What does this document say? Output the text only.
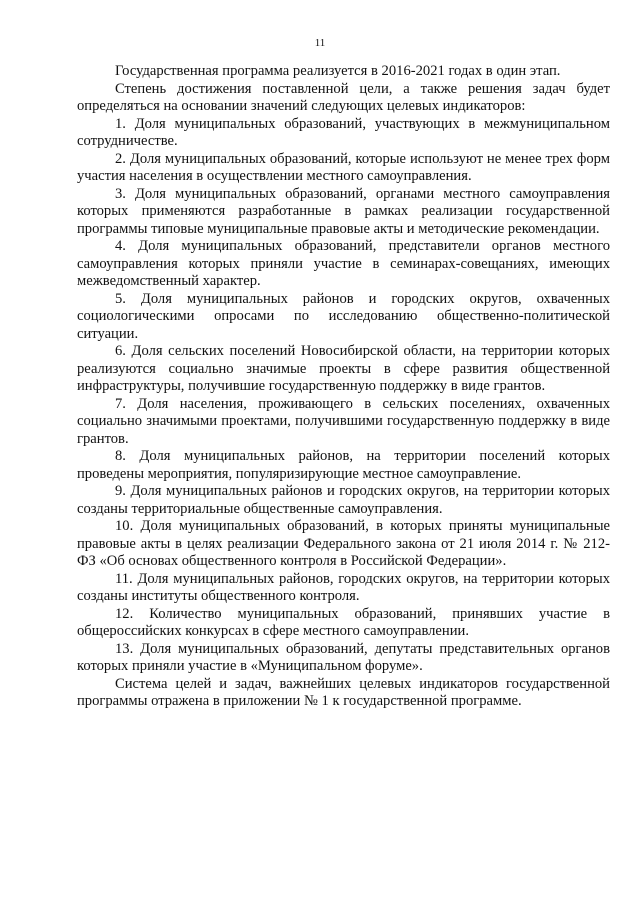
11

Государственная программа реализуется в 2016-2021 годах в один этап.

Степень достижения поставленной цели, а также решения задач будет определяться на основании значений следующих целевых индикаторов:

1. Доля муниципальных образований, участвующих в межмуниципальном сотрудничестве.

2. Доля муниципальных образований, которые используют не менее трех форм участия населения в осуществлении местного самоуправления.

3. Доля муниципальных образований, органами местного самоуправления которых применяются разработанные в рамках реализации государственной программы типовые муниципальные правовые акты и методические рекомендации.

4. Доля муниципальных образований, представители органов местного самоуправления которых приняли участие в семинарах-совещаниях, имеющих межведомственный характер.

5. Доля муниципальных районов и городских округов, охваченных социологическими опросами по исследованию общественно-политической ситуации.

6. Доля сельских поселений Новосибирской области, на территории которых реализуются социально значимые проекты в сфере развития общественной инфраструктуры, получившие государственную поддержку в виде грантов.

7. Доля населения, проживающего в сельских поселениях, охваченных социально значимыми проектами, получившими государственную поддержку в виде грантов.

8. Доля муниципальных районов, на территории поселений которых проведены мероприятия, популяризирующие местное самоуправление.

9. Доля муниципальных районов и городских округов, на территории которых созданы территориальные общественные самоуправления.

10. Доля муниципальных образований, в которых приняты муниципальные правовые акты в целях реализации Федерального закона от 21 июля 2014 г. № 212-ФЗ «Об основах общественного контроля в Российской Федерации».

11. Доля муниципальных районов, городских округов, на территории которых созданы институты общественного контроля.

12. Количество муниципальных образований, принявших участие в общероссийских конкурсах в сфере местного самоуправлении.

13. Доля муниципальных образований, депутаты представительных органов которых приняли участие в «Муниципальном форуме».

Система целей и задач, важнейших целевых индикаторов государственной программы отражена в приложении № 1 к государственной программе.
